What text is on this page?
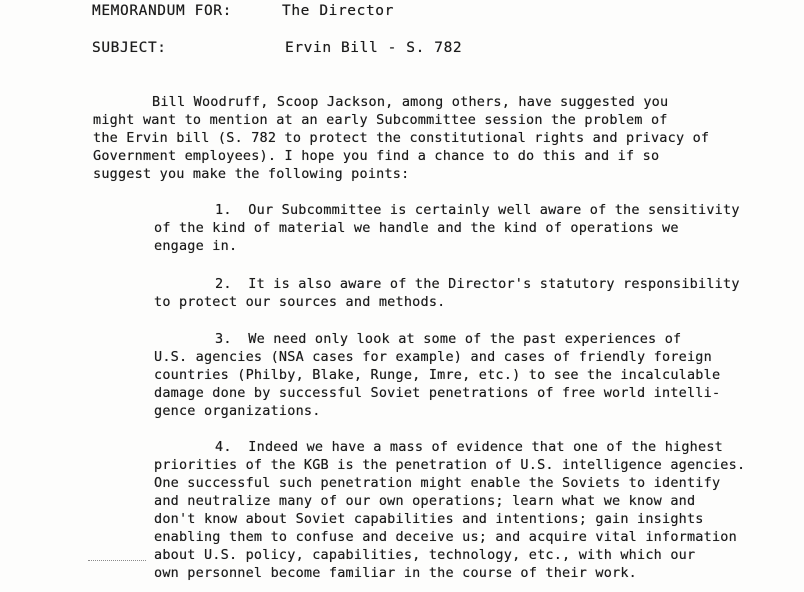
MEMORANDUM FOR:	The Director
SUBJECT:	Ervin Bill - S. 782
Bill Woodruff, Scoop Jackson, among others, have suggested you
might want to mention at an early Subcommittee session the problem of
the Ervin bill (S. 782 to protect the constitutional rights and privacy of
Government employees). I hope you find a chance to do this and if so
suggest you make the following points:
1.  Our Subcommittee is certainly well aware of the sensitivity
of the kind of material we handle and the kind of operations we
engage in.
2.  It is also aware of the Director's statutory responsibility
to protect our sources and methods.
3.  We need only look at some of the past experiences of
U.S. agencies (NSA cases for example) and cases of friendly foreign
countries (Philby, Blake, Runge, Imre, etc.) to see the incalculable
damage done by successful Soviet penetrations of free world intelli-
gence organizations.
4.  Indeed we have a mass of evidence that one of the highest
priorities of the KGB is the penetration of U.S. intelligence agencies.
One successful such penetration might enable the Soviets to identify
and neutralize many of our own operations; learn what we know and
don't know about Soviet capabilities and intentions; gain insights
enabling them to confuse and deceive us; and acquire vital information
about U.S. policy, capabilities, technology, etc., with which our
own personnel become familiar in the course of their work.
